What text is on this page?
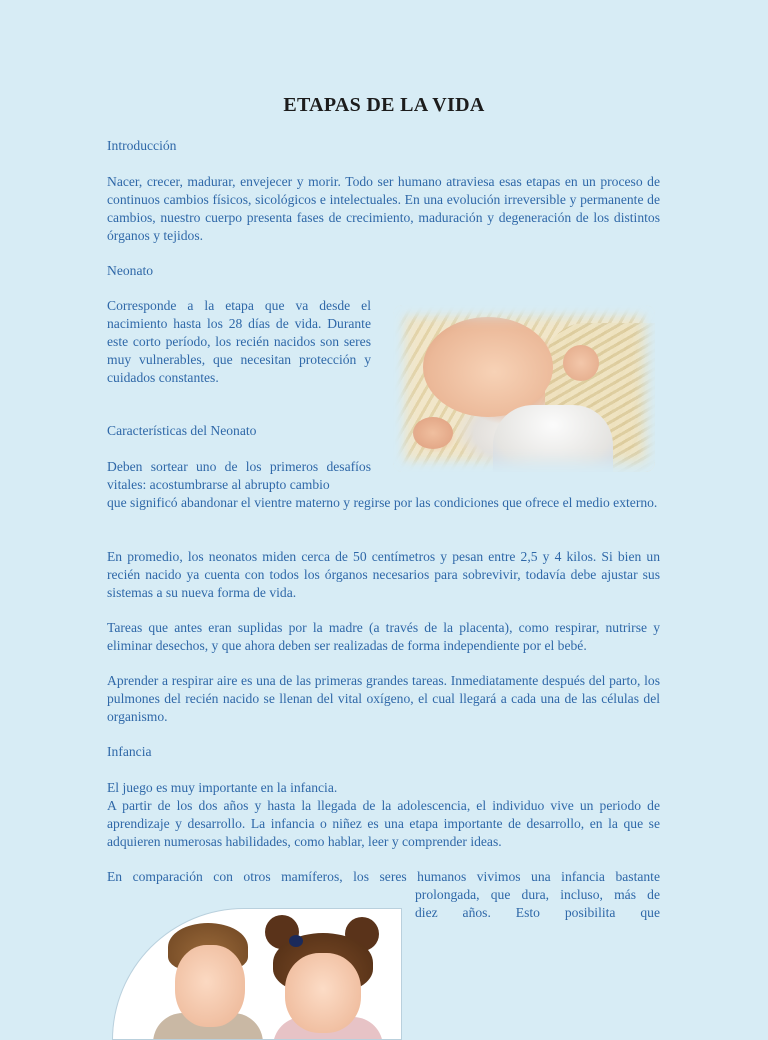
ETAPAS DE LA VIDA

Introducción

Nacer, crecer, madurar, envejecer y morir. Todo ser humano atraviesa esas etapas en un proceso de continuos cambios físicos, sicológicos e intelectuales. En una evolución irreversible y permanente de cambios, nuestro cuerpo presenta fases de crecimiento, maduración y degeneración de los distintos órganos y tejidos.

Neonato

Corresponde a la etapa que va desde el nacimiento hasta los 28 días de vida. Durante este corto período, los recién nacidos son seres muy vulnerables, que necesitan protección y cuidados constantes.

Características del Neonato

Deben sortear uno de los primeros desafíos vitales: acostumbrarse al abrupto cambio

que significó abandonar el vientre materno y regirse por las condiciones que ofrece el medio externo.

En promedio, los neonatos miden cerca de 50 centímetros y pesan entre 2,5 y 4 kilos. Si bien un recién nacido ya cuenta con todos los órganos necesarios para sobrevivir, todavía debe ajustar sus sistemas a su nueva forma de vida.

Tareas que antes eran suplidas por la madre (a través de la placenta), como respirar, nutrirse y eliminar desechos, y que ahora deben ser realizadas de forma independiente por el bebé.

Aprender a respirar aire es una de las primeras grandes tareas. Inmediatamente después del parto, los pulmones del recién nacido se llenan del vital oxígeno, el cual llegará a cada una de las células del organismo.

Infancia

El juego es muy importante en la infancia.

A partir de los dos años y hasta la llegada de la adolescencia, el individuo vive un periodo de aprendizaje y desarrollo. La infancia o niñez es una etapa importante de desarrollo, en la que se adquieren numerosas habilidades, como hablar, leer y comprender ideas.

En comparación con otros mamíferos, los seres humanos vivimos una infancia bastante

prolongada, que dura, incluso, más de

diez años. Esto posibilita que
